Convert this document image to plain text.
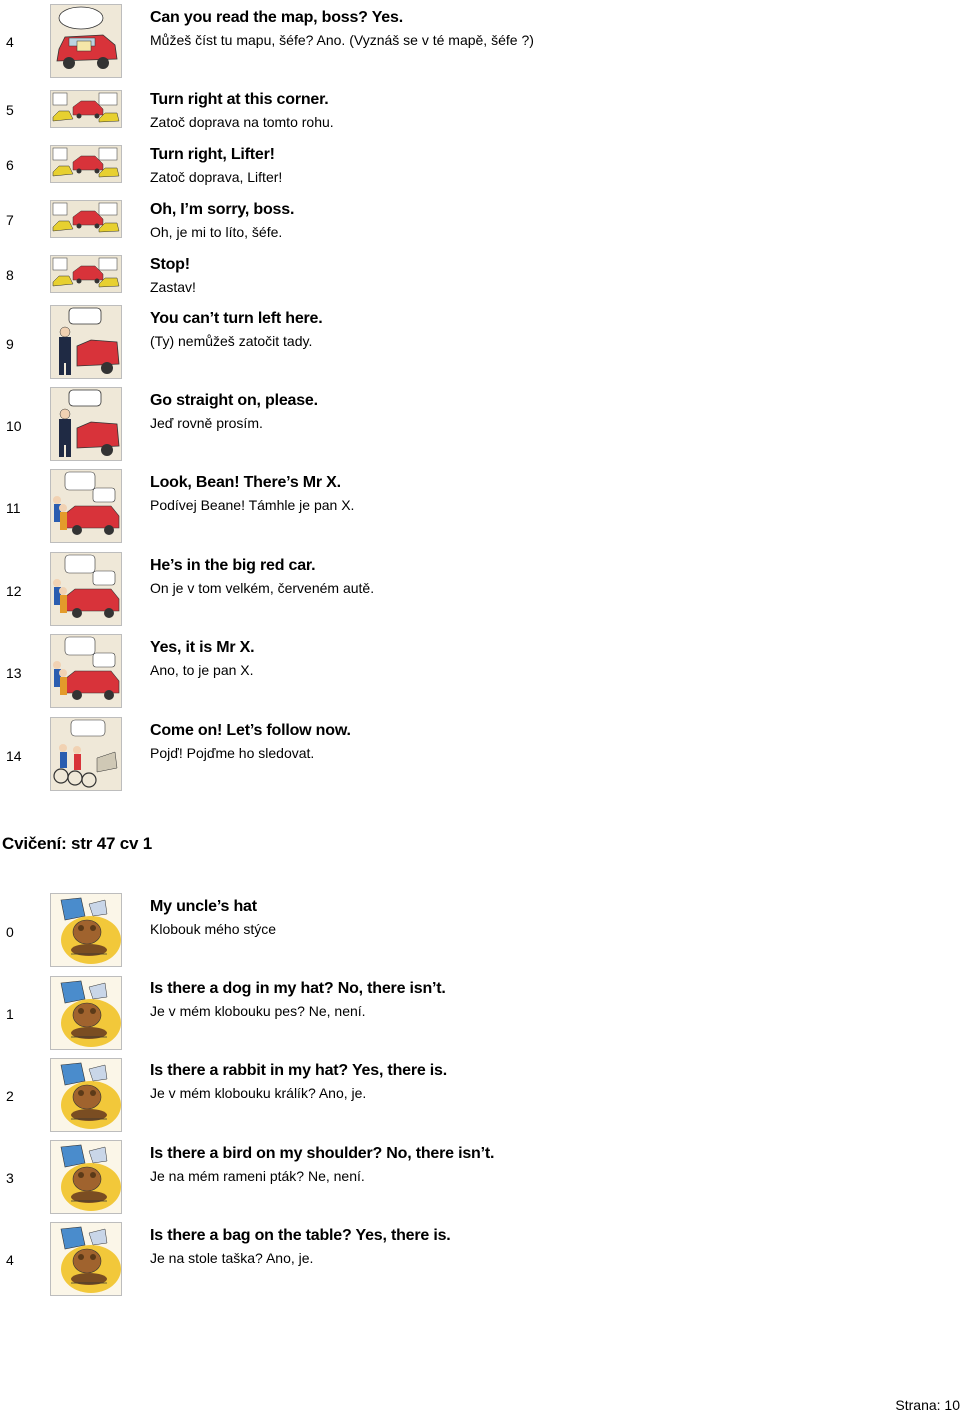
4
Can you read the map, boss? Yes.
Můžeš číst tu mapu, šéfe? Ano. (Vyznáš se v té mapě, šéfe ?)
5
Turn right at this corner.
Zatoč doprava na tomto rohu.
6
Turn right, Lifter!
Zatoč doprava, Lifter!
7
Oh, I’m sorry, boss.
Oh, je mi to líto, šéfe.
8
Stop!
Zastav!
9
You can’t turn left here.
(Ty) nemůžeš zatočit tady.
10
Go straight on, please.
Jeď rovně prosím.
11
Look, Bean! There’s Mr X.
Podívej Beane! Támhle je pan X.
12
He’s in the big red car.
On je v tom velkém, červeném autě.
13
Yes, it is Mr X.
Ano, to je pan X.
14
Come on! Let’s follow now.
Pojď! Pojďme ho sledovat.
Cvičení: str 47 cv 1
0
My uncle’s hat
Klobouk mého stýce
1
Is there a dog in my hat? No, there isn’t.
Je v mém klobouku pes? Ne, není.
2
Is there a rabbit in my hat? Yes, there is.
Je v mém klobouku králík? Ano, je.
3
Is there a bird on my shoulder? No, there isn’t.
Je na mém rameni pták? Ne, není.
4
Is there a bag on the table? Yes, there is.
Je na stole taška? Ano, je.
Strana: 10
